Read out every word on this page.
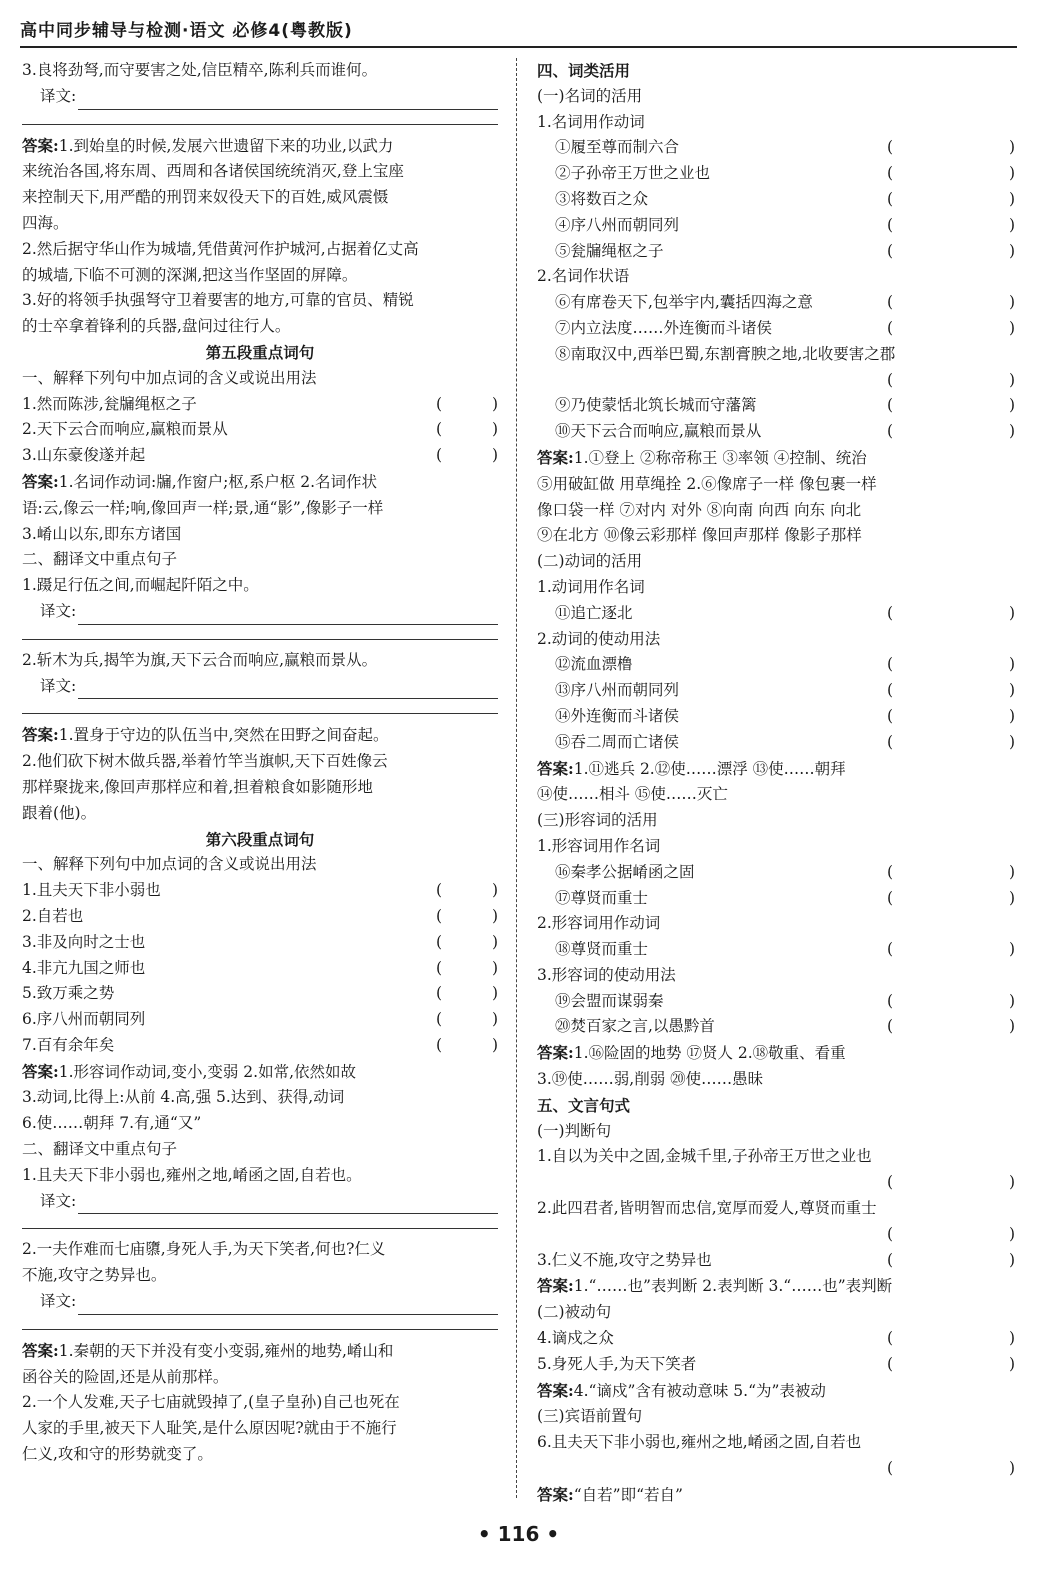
高中同步辅导与检测·语文 必修4(粤教版)
3.良将劲弩,而守要害之处,信臣精卒,陈利兵而谁何。
译文:
答案:1.到始皇的时候,发展六世遗留下来的功业,以武力
来统治各国,将东周、西周和各诸侯国统统消灭,登上宝座
来控制天下,用严酷的刑罚来奴役天下的百姓,威风震慑
四海。
2.然后据守华山作为城墙,凭借黄河作护城河,占据着亿丈高
的城墙,下临不可测的深渊,把这当作坚固的屏障。
3.好的将领手执强弩守卫着要害的地方,可靠的官员、精锐
的士卒拿着锋利的兵器,盘问过往行人。
第五段重点词句
一、解释下列句中加点词的含义或说出用法
1.然而陈涉,瓮牖绳枢之子	(	)
2.天下云合而响应,赢粮而景从	(	)
3.山东豪俊遂并起	(	)
答案:1.名词作动词:牖,作窗户;枢,系户枢 2.名词作状
语:云,像云一样;响,像回声一样;景,通“影”,像影子一样
3.崤山以东,即东方诸国
二、翻译文中重点句子
1.蹑足行伍之间,而崛起阡陌之中。
译文:
2.斩木为兵,揭竿为旗,天下云合而响应,赢粮而景从。
译文:
答案:1.置身于守边的队伍当中,突然在田野之间奋起。
2.他们砍下树木做兵器,举着竹竿当旗帜,天下百姓像云
那样聚拢来,像回声那样应和着,担着粮食如影随形地
跟着(他)。
第六段重点词句
一、解释下列句中加点词的含义或说出用法
1.且夫天下非小弱也	(	)
2.自若也	(	)
3.非及向时之士也	(	)
4.非亢九国之师也	(	)
5.致万乘之势	(	)
6.序八州而朝同列	(	)
7.百有余年矣	(	)
答案:1.形容词作动词,变小,变弱 2.如常,依然如故
3.动词,比得上:从前 4.高,强 5.达到、获得,动词
6.使……朝拜 7.有,通“又”
二、翻译文中重点句子
1.且夫天下非小弱也,雍州之地,崤函之固,自若也。
译文:
2.一夫作难而七庙隳,身死人手,为天下笑者,何也?仁义
不施,攻守之势异也。
译文:
答案:1.秦朝的天下并没有变小变弱,雍州的地势,崤山和
函谷关的险固,还是从前那样。
2.一个人发难,天子七庙就毁掉了,(皇子皇孙)自己也死在
人家的手里,被天下人耻笑,是什么原因呢?就由于不施行
仁义,攻和守的形势就变了。
四、词类活用
(一)名词的活用
1.名词用作动词
①履至尊而制六合	(	)
②子孙帝王万世之业也	(	)
③将数百之众	(	)
④序八州而朝同列	(	)
⑤瓮牖绳枢之子	(	)
2.名词作状语
⑥有席卷天下,包举宇内,囊括四海之意	(	)
⑦内立法度……外连衡而斗诸侯	(	)
⑧南取汉中,西举巴蜀,东割膏腴之地,北收要害之郡
(	)
⑨乃使蒙恬北筑长城而守藩篱	(	)
⑩天下云合而响应,赢粮而景从	(	)
答案:1.①登上 ②称帝称王 ③率领 ④控制、统治
⑤用破缸做 用草绳拴 2.⑥像席子一样 像包裹一样
像口袋一样 ⑦对内 对外 ⑧向南 向西 向东 向北
⑨在北方 ⑩像云彩那样 像回声那样 像影子那样
(二)动词的活用
1.动词用作名词
⑪追亡逐北	(	)
2.动词的使动用法
⑫流血漂橹	(	)
⑬序八州而朝同列	(	)
⑭外连衡而斗诸侯	(	)
⑮吞二周而亡诸侯	(	)
答案:1.⑪逃兵 2.⑫使……漂浮 ⑬使……朝拜
⑭使……相斗 ⑮使……灭亡
(三)形容词的活用
1.形容词用作名词
⑯秦孝公据崤函之固	(	)
⑰尊贤而重士	(	)
2.形容词用作动词
⑱尊贤而重士	(	)
3.形容词的使动用法
⑲会盟而谋弱秦	(	)
⑳焚百家之言,以愚黔首	(	)
答案:1.⑯险固的地势 ⑰贤人 2.⑱敬重、看重
3.⑲使……弱,削弱 ⑳使……愚昧
五、文言句式
(一)判断句
1.自以为关中之固,金城千里,子孙帝王万世之业也
(	)
2.此四君者,皆明智而忠信,宽厚而爱人,尊贤而重士
(	)
3.仁义不施,攻守之势异也	(	)
答案:1.“……也”表判断 2.表判断 3.“……也”表判断
(二)被动句
4.谪戍之众	(	)
5.身死人手,为天下笑者	(	)
答案:4.“谪戍”含有被动意味 5.“为”表被动
(三)宾语前置句
6.且夫天下非小弱也,雍州之地,崤函之固,自若也
(	)
答案:“自若”即“若自”
• 116 •
